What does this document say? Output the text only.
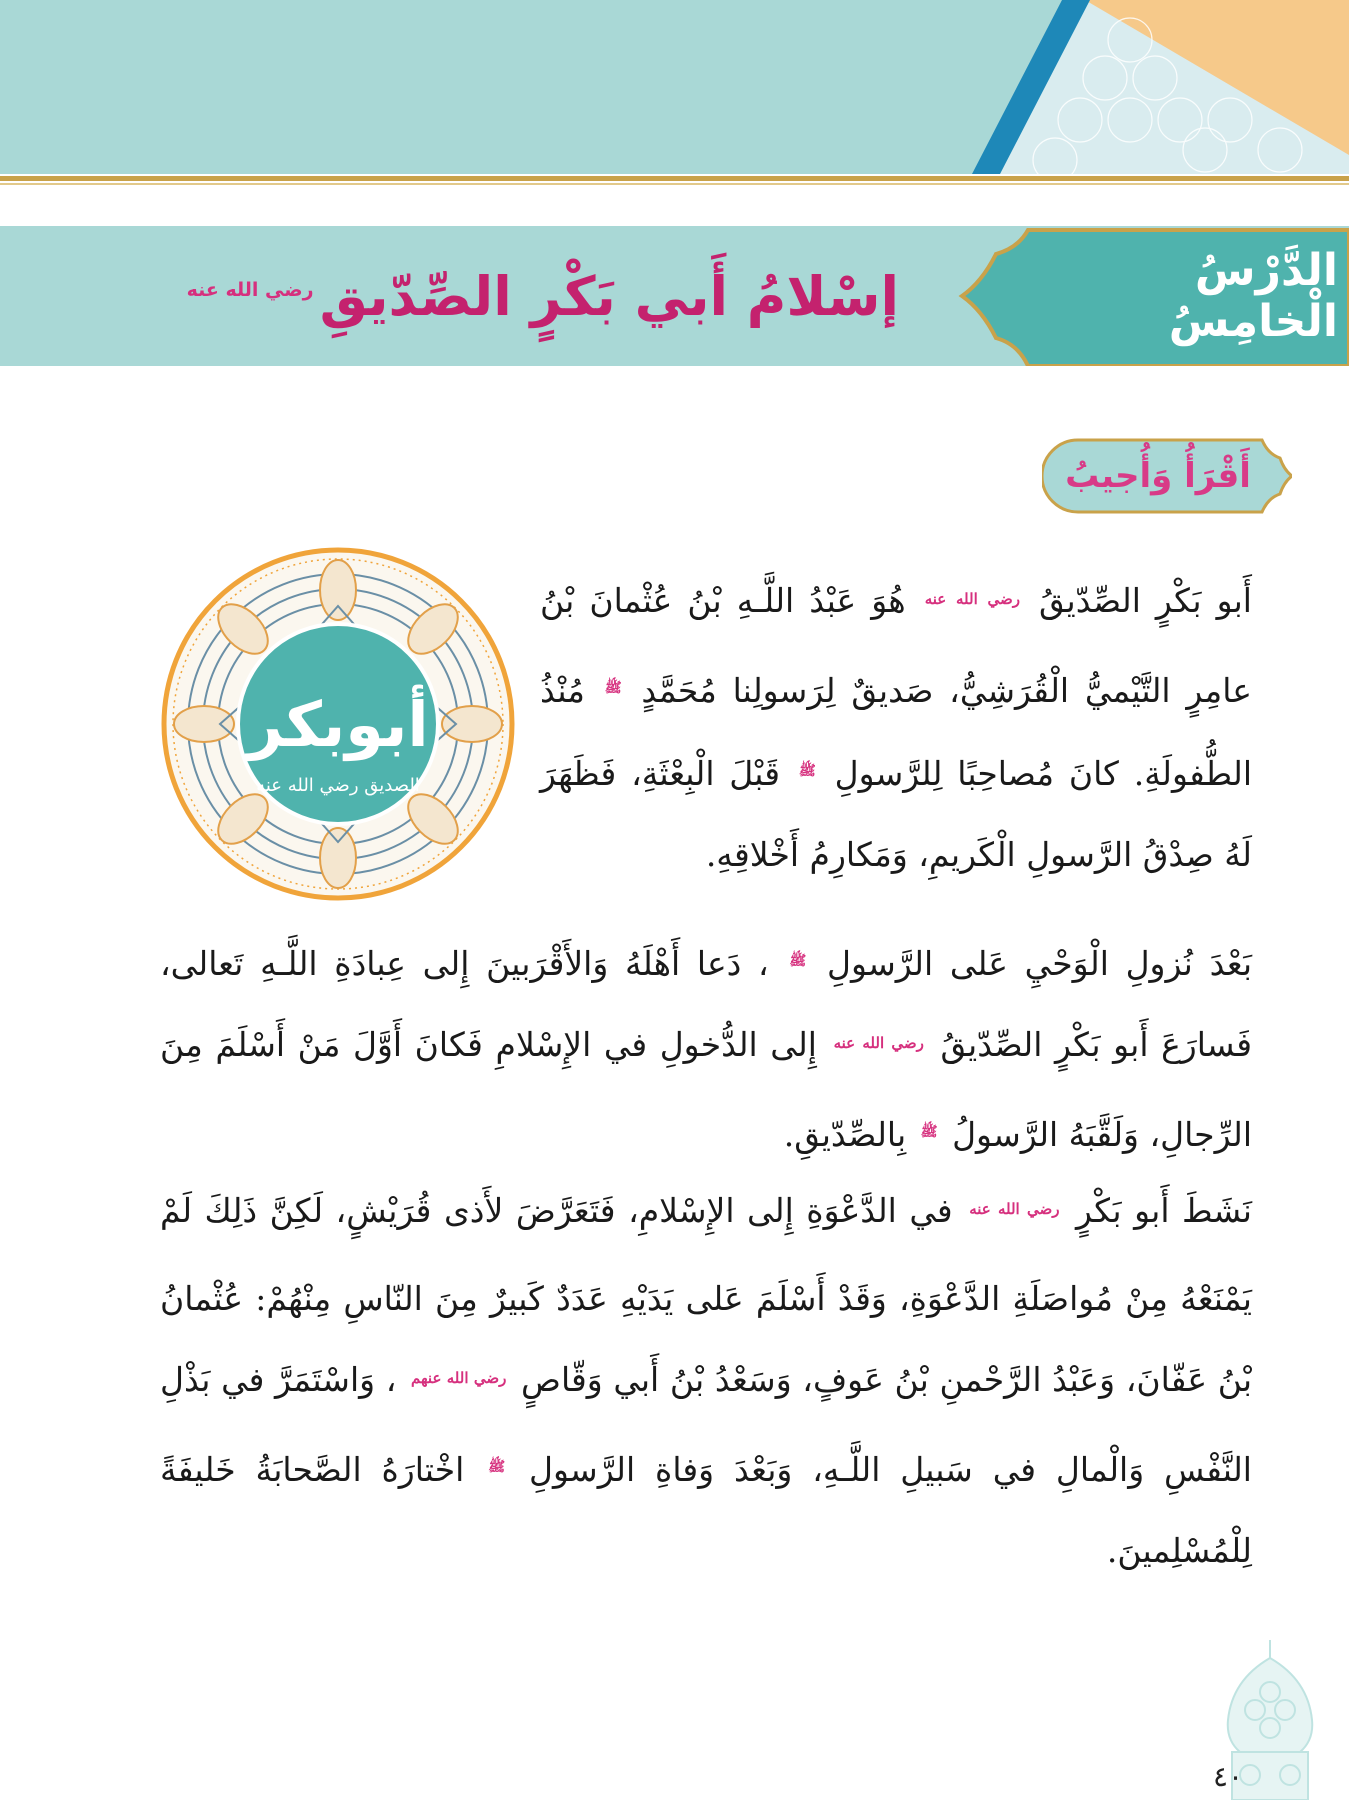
الدَّرْسُ الْخامِسُ
إسْلامُ أَبي بَكْرٍ الصِّدّيقِ
رضي الله عنه
أَقْرَأُ وَأُجيبُ
أبوبكر
الصديق رضي الله عنه
أَبو بَكْرٍ الصِّدّيقُ $^{رضي الله عنه}$ هُوَ عَبْدُ اللَّـهِ بْنُ عُثْمانَ بْنُ عامِرٍ التَّيْميُّ الْقُرَشِيُّ، صَديقٌ لِرَسولِنا مُحَمَّدٍ $^ﷺ$ مُنْذُ الطُّفولَةِ. كانَ مُصاحِبًا لِلرَّسولِ $^ﷺ$ قَبْلَ الْبِعْثَةِ، فَظَهَرَ لَهُ صِدْقُ الرَّسولِ الْكَريمِ، وَمَكارِمُ أَخْلاقِهِ.
بَعْدَ نُزولِ الْوَحْيِ عَلى الرَّسولِ $^ﷺ$ ، دَعا أَهْلَهُ وَالأَقْرَبينَ إِلى عِبادَةِ اللَّـهِ تَعالى، فَسارَعَ أَبو بَكْرٍ الصِّدّيقُ $^{رضي الله عنه}$ إِلى الدُّخولِ في الإِسْلامِ فَكانَ أَوَّلَ مَنْ أَسْلَمَ مِنَ الرِّجالِ، وَلَقَّبَهُ الرَّسولُ $^ﷺ$ بِالصِّدّيقِ.
نَشَطَ أَبو بَكْرٍ $^{رضي الله عنه}$ في الدَّعْوَةِ إِلى الإِسْلامِ، فَتَعَرَّضَ لأَذى قُرَيْشٍ، لَكِنَّ ذَلِكَ لَمْ يَمْنَعْهُ مِنْ مُواصَلَةِ الدَّعْوَةِ، وَقَدْ أَسْلَمَ عَلى يَدَيْهِ عَدَدٌ كَبيرٌ مِنَ النّاسِ مِنْهُمْ: عُثْمانُ بْنُ عَفّانَ، وَعَبْدُ الرَّحْمنِ بْنُ عَوفٍ، وَسَعْدُ بْنُ أَبي وَقّاصٍ $^{رضي الله عنهم}$ ، وَاسْتَمَرَّ في بَذْلِ النَّفْسِ وَالْمالِ في سَبيلِ اللَّـهِ، وَبَعْدَ وَفاةِ الرَّسولِ $^ﷺ$ اخْتارَهُ الصَّحابَةُ خَليفَةً لِلْمُسْلِمينَ.
٤٠
